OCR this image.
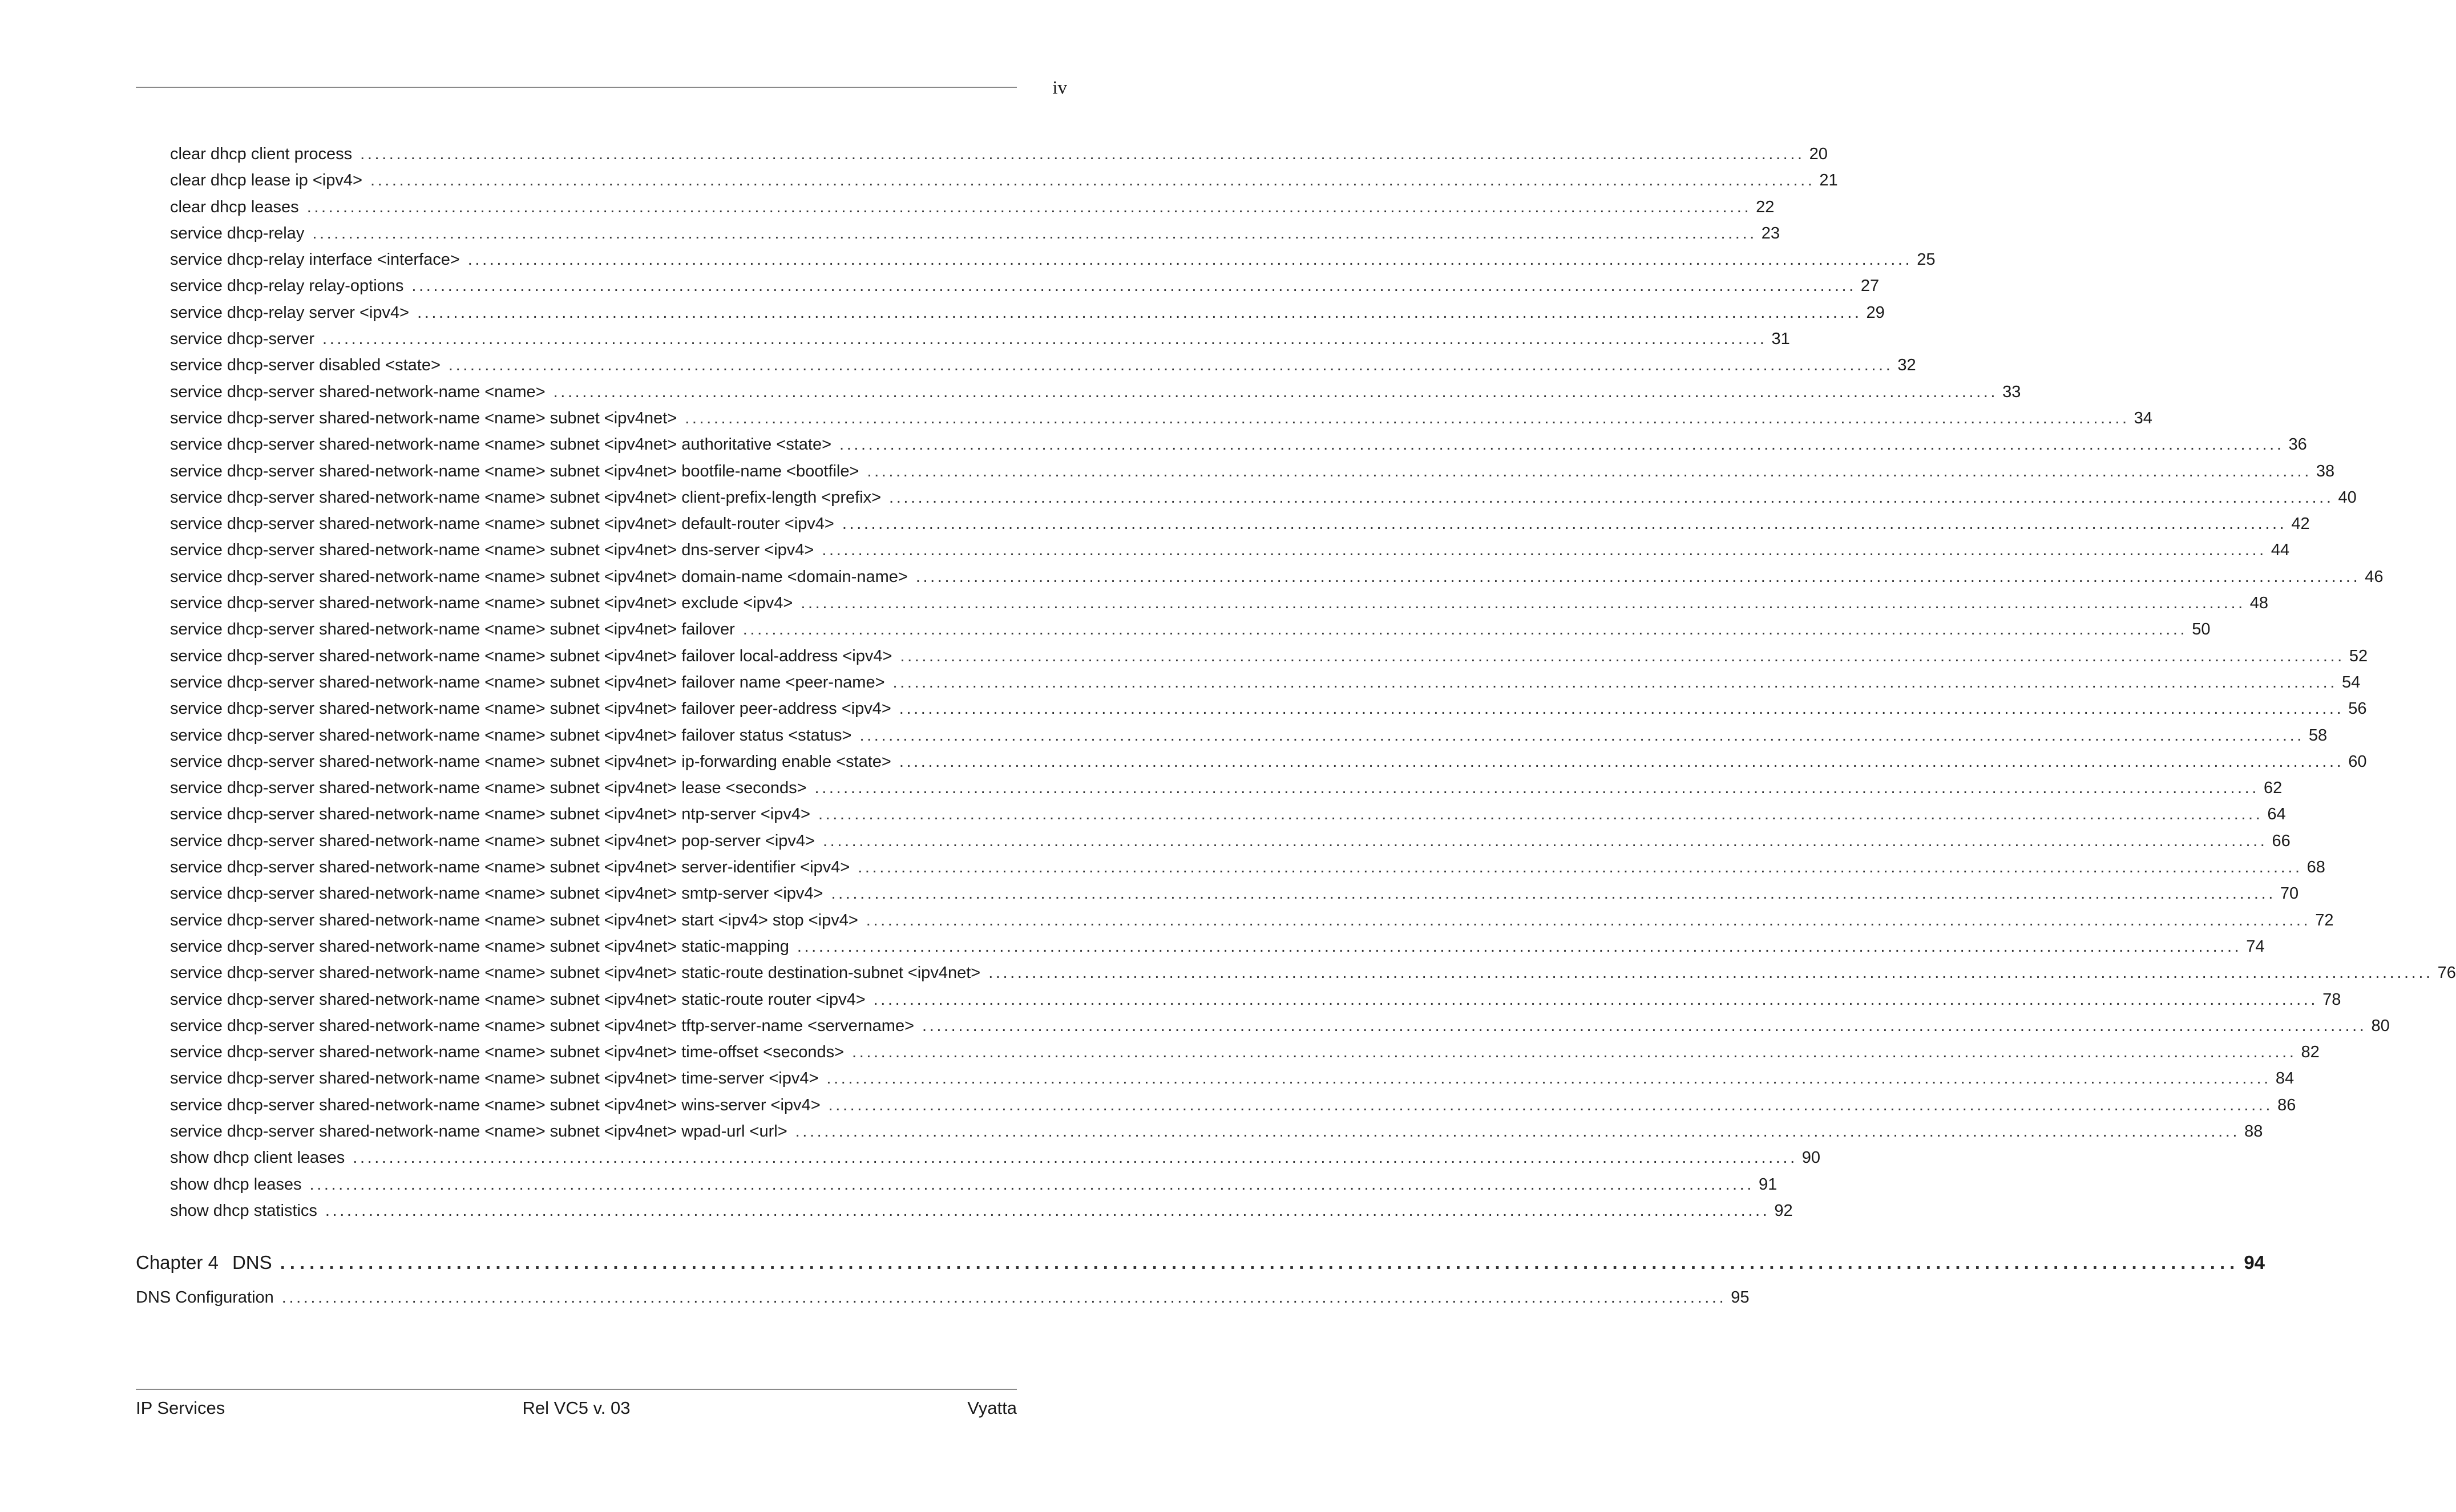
iv
clear dhcp client process ........................................................................................................................................................................................................ 20
clear dhcp lease ip <ipv4> ........................................................................................................................................................................................................ 21
clear dhcp leases ........................................................................................................................................................................................................ 22
service dhcp-relay ........................................................................................................................................................................................................ 23
service dhcp-relay interface <interface> ........................................................................................................................................................................................................ 25
service dhcp-relay relay-options ........................................................................................................................................................................................................ 27
service dhcp-relay server <ipv4> ........................................................................................................................................................................................................ 29
service dhcp-server ........................................................................................................................................................................................................ 31
service dhcp-server disabled <state> ........................................................................................................................................................................................................ 32
service dhcp-server shared-network-name <name> ........................................................................................................................................................................................................ 33
service dhcp-server shared-network-name <name> subnet <ipv4net> ........................................................................................................................................................................................................ 34
service dhcp-server shared-network-name <name> subnet <ipv4net> authoritative <state> ........................................................................................................................................................................................................ 36
service dhcp-server shared-network-name <name> subnet <ipv4net> bootfile-name <bootfile> ........................................................................................................................................................................................................ 38
service dhcp-server shared-network-name <name> subnet <ipv4net> client-prefix-length <prefix> ........................................................................................................................................................................................................ 40
service dhcp-server shared-network-name <name> subnet <ipv4net> default-router <ipv4> ........................................................................................................................................................................................................ 42
service dhcp-server shared-network-name <name> subnet <ipv4net> dns-server <ipv4> ........................................................................................................................................................................................................ 44
service dhcp-server shared-network-name <name> subnet <ipv4net> domain-name <domain-name> ........................................................................................................................................................................................................ 46
service dhcp-server shared-network-name <name> subnet <ipv4net> exclude <ipv4> ........................................................................................................................................................................................................ 48
service dhcp-server shared-network-name <name> subnet <ipv4net> failover ........................................................................................................................................................................................................ 50
service dhcp-server shared-network-name <name> subnet <ipv4net> failover local-address <ipv4> ........................................................................................................................................................................................................ 52
service dhcp-server shared-network-name <name> subnet <ipv4net> failover name <peer-name> ........................................................................................................................................................................................................ 54
service dhcp-server shared-network-name <name> subnet <ipv4net> failover peer-address <ipv4> ........................................................................................................................................................................................................ 56
service dhcp-server shared-network-name <name> subnet <ipv4net> failover status <status> ........................................................................................................................................................................................................ 58
service dhcp-server shared-network-name <name> subnet <ipv4net> ip-forwarding enable <state> ........................................................................................................................................................................................................ 60
service dhcp-server shared-network-name <name> subnet <ipv4net> lease <seconds> ........................................................................................................................................................................................................ 62
service dhcp-server shared-network-name <name> subnet <ipv4net> ntp-server <ipv4> ........................................................................................................................................................................................................ 64
service dhcp-server shared-network-name <name> subnet <ipv4net> pop-server <ipv4> ........................................................................................................................................................................................................ 66
service dhcp-server shared-network-name <name> subnet <ipv4net> server-identifier <ipv4> ........................................................................................................................................................................................................ 68
service dhcp-server shared-network-name <name> subnet <ipv4net> smtp-server <ipv4> ........................................................................................................................................................................................................ 70
service dhcp-server shared-network-name <name> subnet <ipv4net> start <ipv4> stop <ipv4> ........................................................................................................................................................................................................ 72
service dhcp-server shared-network-name <name> subnet <ipv4net> static-mapping ........................................................................................................................................................................................................ 74
service dhcp-server shared-network-name <name> subnet <ipv4net> static-route destination-subnet <ipv4net> ........................................................................................................................................................................................................ 76
service dhcp-server shared-network-name <name> subnet <ipv4net> static-route router <ipv4> ........................................................................................................................................................................................................ 78
service dhcp-server shared-network-name <name> subnet <ipv4net> tftp-server-name <servername> ........................................................................................................................................................................................................ 80
service dhcp-server shared-network-name <name> subnet <ipv4net> time-offset <seconds> ........................................................................................................................................................................................................ 82
service dhcp-server shared-network-name <name> subnet <ipv4net> time-server <ipv4> ........................................................................................................................................................................................................ 84
service dhcp-server shared-network-name <name> subnet <ipv4net> wins-server <ipv4> ........................................................................................................................................................................................................ 86
service dhcp-server shared-network-name <name> subnet <ipv4net> wpad-url <url> ........................................................................................................................................................................................................ 88
show dhcp client leases ........................................................................................................................................................................................................ 90
show dhcp leases ........................................................................................................................................................................................................ 91
show dhcp statistics ........................................................................................................................................................................................................ 92
Chapter 4 DNS ........................................................................................................................................................................................................ 94
DNS Configuration ........................................................................................................................................................................................................ 95
IP Services	Rel VC5 v. 03	Vyatta
